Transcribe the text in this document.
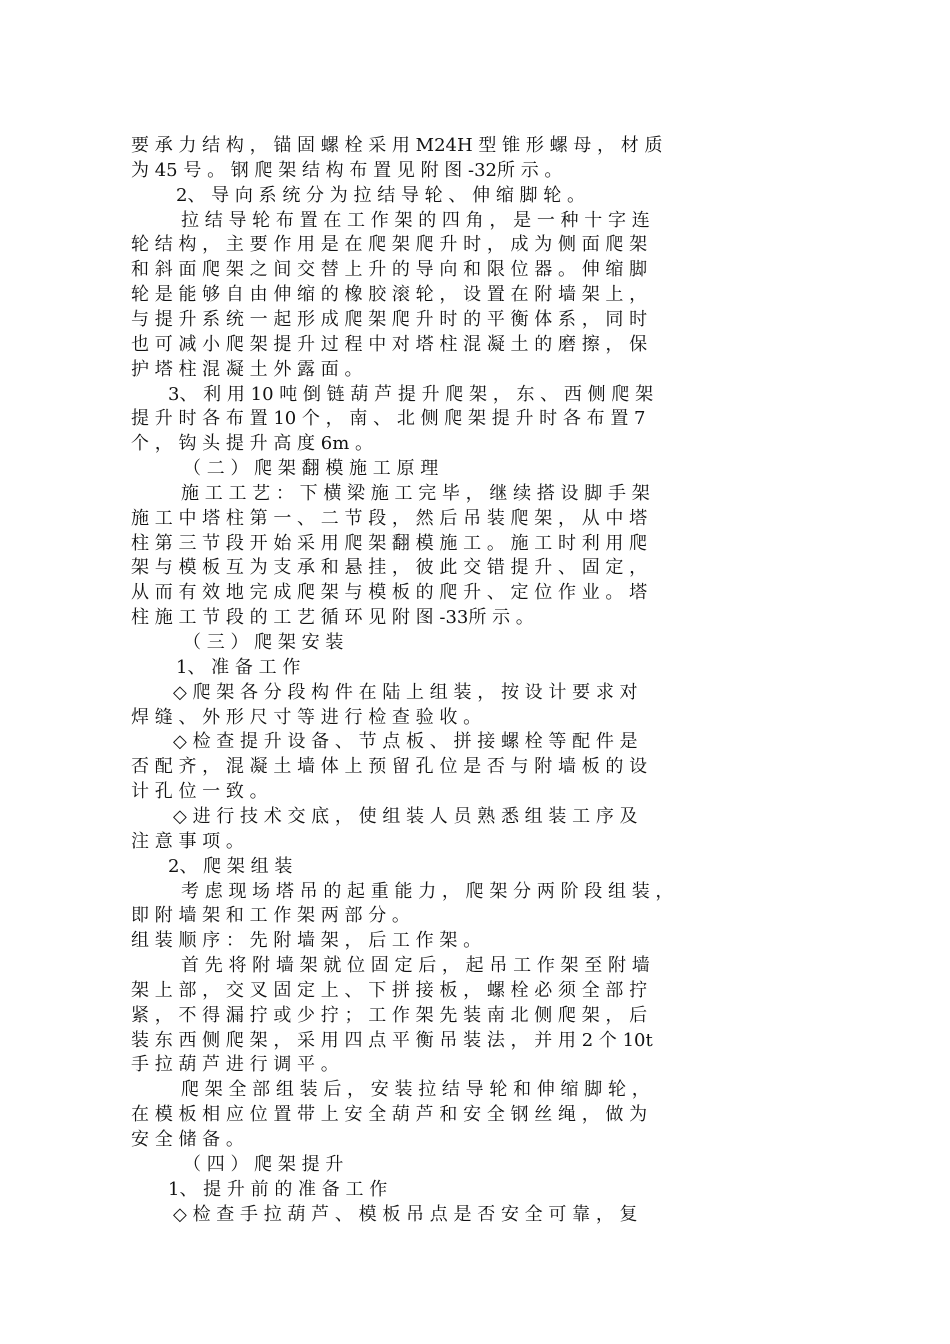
要 承 力 结 构 ， 锚 固 螺 栓 采 用 M24H 型 锥 形 螺 母 ， 材 质
为 45 号 。 钢 爬 架 结 构 布 置 见 附 图 -32所 示 。
2、 导 向 系 统 分 为 拉 结 导 轮 、 伸 缩 脚 轮 。
拉 结 导 轮 布 置 在 工 作 架 的 四 角 ， 是 一 种 十 字 连
轮 结 构 ， 主 要 作 用 是 在 爬 架 爬 升 时 ， 成 为 侧 面 爬 架
和 斜 面 爬 架 之 间 交 替 上 升 的 导 向 和 限 位 器 。 伸 缩 脚
轮 是 能 够 自 由 伸 缩 的 橡 胶 滚 轮 ， 设 置 在 附 墙 架 上 ，
与 提 升 系 统 一 起 形 成 爬 架 爬 升 时 的 平 衡 体 系 ， 同 时
也 可 减 小 爬 架 提 升 过 程 中 对 塔 柱 混 凝 土 的 磨 擦 ， 保
护 塔 柱 混 凝 土 外 露 面 。
3、 利 用 10 吨 倒 链 葫 芦 提 升 爬 架 ， 东 、 西 侧 爬 架
提 升 时 各 布 置 10 个 ， 南 、 北 侧 爬 架 提 升 时 各 布 置 7
个 ， 钩 头 提 升 高 度 6m 。
（ 二 ） 爬 架 翻 模 施 工 原 理
施 工 工 艺 ： 下 横 梁 施 工 完 毕 ， 继 续 搭 设 脚 手 架
施 工 中 塔 柱 第 一 、 二 节 段 ， 然 后 吊 装 爬 架 ， 从 中 塔
柱 第 三 节 段 开 始 采 用 爬 架 翻 模 施 工 。 施 工 时 利 用 爬
架 与 模 板 互 为 支 承 和 悬 挂 ， 彼 此 交 错 提 升 、 固 定 ，
从 而 有 效 地 完 成 爬 架 与 模 板 的 爬 升 、 定 位 作 业 。 塔
柱 施 工 节 段 的 工 艺 循 环 见 附 图 -33所 示 。
（ 三 ） 爬 架 安 装
1、 准 备 工 作
◇ 爬 架 各 分 段 构 件 在 陆 上 组 装 ， 按 设 计 要 求 对
焊 缝 、 外 形 尺 寸 等 进 行 检 查 验 收 。
◇ 检 查 提 升 设 备 、 节 点 板 、 拼 接 螺 栓 等 配 件 是
否 配 齐 ， 混 凝 土 墙 体 上 预 留 孔 位 是 否 与 附 墙 板 的 设
计 孔 位 一 致 。
◇ 进 行 技 术 交 底 ， 使 组 装 人 员 熟 悉 组 装 工 序 及
注 意 事 项 。
2、 爬 架 组 装
考 虑 现 场 塔 吊 的 起 重 能 力 ， 爬 架 分 两 阶 段 组 装 ，
即 附 墙 架 和 工 作 架 两 部 分 。
组 装 顺 序 ： 先 附 墙 架 ， 后 工 作 架 。
首 先 将 附 墙 架 就 位 固 定 后 ， 起 吊 工 作 架 至 附 墙
架 上 部 ， 交 叉 固 定 上 、 下 拼 接 板 ， 螺 栓 必 须 全 部 拧
紧 ， 不 得 漏 拧 或 少 拧 ； 工 作 架 先 装 南 北 侧 爬 架 ， 后
装 东 西 侧 爬 架 ， 采 用 四 点 平 衡 吊 装 法 ， 并 用 2 个 10t
手 拉 葫 芦 进 行 调 平 。
爬 架 全 部 组 装 后 ， 安 装 拉 结 导 轮 和 伸 缩 脚 轮 ，
在 模 板 相 应 位 置 带 上 安 全 葫 芦 和 安 全 钢 丝 绳 ， 做 为
安 全 储 备 。
（ 四 ） 爬 架 提 升
1、 提 升 前 的 准 备 工 作
◇ 检 查 手 拉 葫 芦 、 模 板 吊 点 是 否 安 全 可 靠 ， 复
